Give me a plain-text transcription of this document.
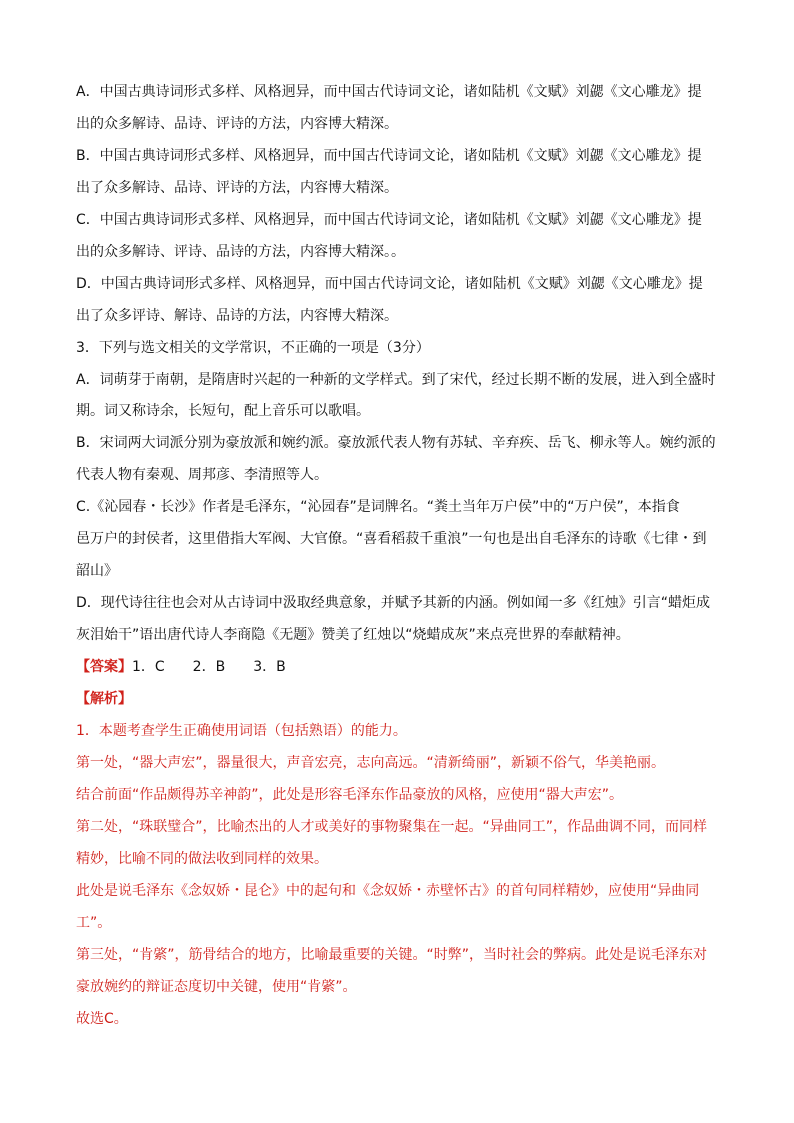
A．中国古典诗词形式多样、风格迥异，而中国古代诗词文论，诸如陆机《文赋》刘勰《文心雕龙》提
出的众多解诗、品诗、评诗的方法，内容博大精深。
B．中国古典诗词形式多样、风格迥异，而中国古代诗词文论，诸如陆机《文赋》刘勰《文心雕龙》提
出了众多解诗、品诗、评诗的方法，内容博大精深。
C．中国古典诗词形式多样、风格迥异，而中国古代诗词文论，诸如陆机《文赋》刘勰《文心雕龙》提
出的众多解诗、评诗、品诗的方法，内容博大精深。。
D．中国古典诗词形式多样、风格迥异，而中国古代诗词文论，诸如陆机《文赋》刘勰《文心雕龙》提
出了众多评诗、解诗、品诗的方法，内容博大精深。
3．下列与选文相关的文学常识，不正确的一项是（3分）
A．词萌芽于南朝，是隋唐时兴起的一种新的文学样式。到了宋代，经过长期不断的发展，进入到全盛时
期。词又称诗余，长短句，配上音乐可以歌唱。
B．宋词两大词派分别为豪放派和婉约派。豪放派代表人物有苏轼、辛弃疾、岳飞、柳永等人。婉约派的
代表人物有秦观、周邦彦、李清照等人。
C.《沁园春・长沙》作者是毛泽东，“沁园春”是词牌名。“粪土当年万户侯”中的“万户侯”，本指食
邑万户的封侯者，这里借指大军阀、大官僚。“喜看稻菽千重浪”一句也是出自毛泽东的诗歌《七律・到
韶山》
D．现代诗往往也会对从古诗词中汲取经典意象，并赋予其新的内涵。例如闻一多《红烛》引言“蜡炬成
灰泪始干”语出唐代诗人李商隐《无题》赞美了红烛以“烧蜡成灰”来点亮世界的奉献精神。
【答案】1．C　　2．B　　3．B
【解析】
1．本题考查学生正确使用词语（包括熟语）的能力。
第一处，“器大声宏”，器量很大，声音宏亮，志向高远。“清新绮丽”，新颖不俗气，华美艳丽。
结合前面“作品颇得苏辛神韵”，此处是形容毛泽东作品豪放的风格，应使用“器大声宏”。
第二处，“珠联璧合”，比喻杰出的人才或美好的事物聚集在一起。“异曲同工”，作品曲调不同，而同样
精妙，比喻不同的做法收到同样的效果。
此处是说毛泽东《念奴娇・昆仑》中的起句和《念奴娇・赤壁怀古》的首句同样精妙，应使用“异曲同
工”。
第三处，“肯綮”，筋骨结合的地方，比喻最重要的关键。“时弊”，当时社会的弊病。此处是说毛泽东对
豪放婉约的辩证态度切中关键，使用“肯綮”。
故选C。
